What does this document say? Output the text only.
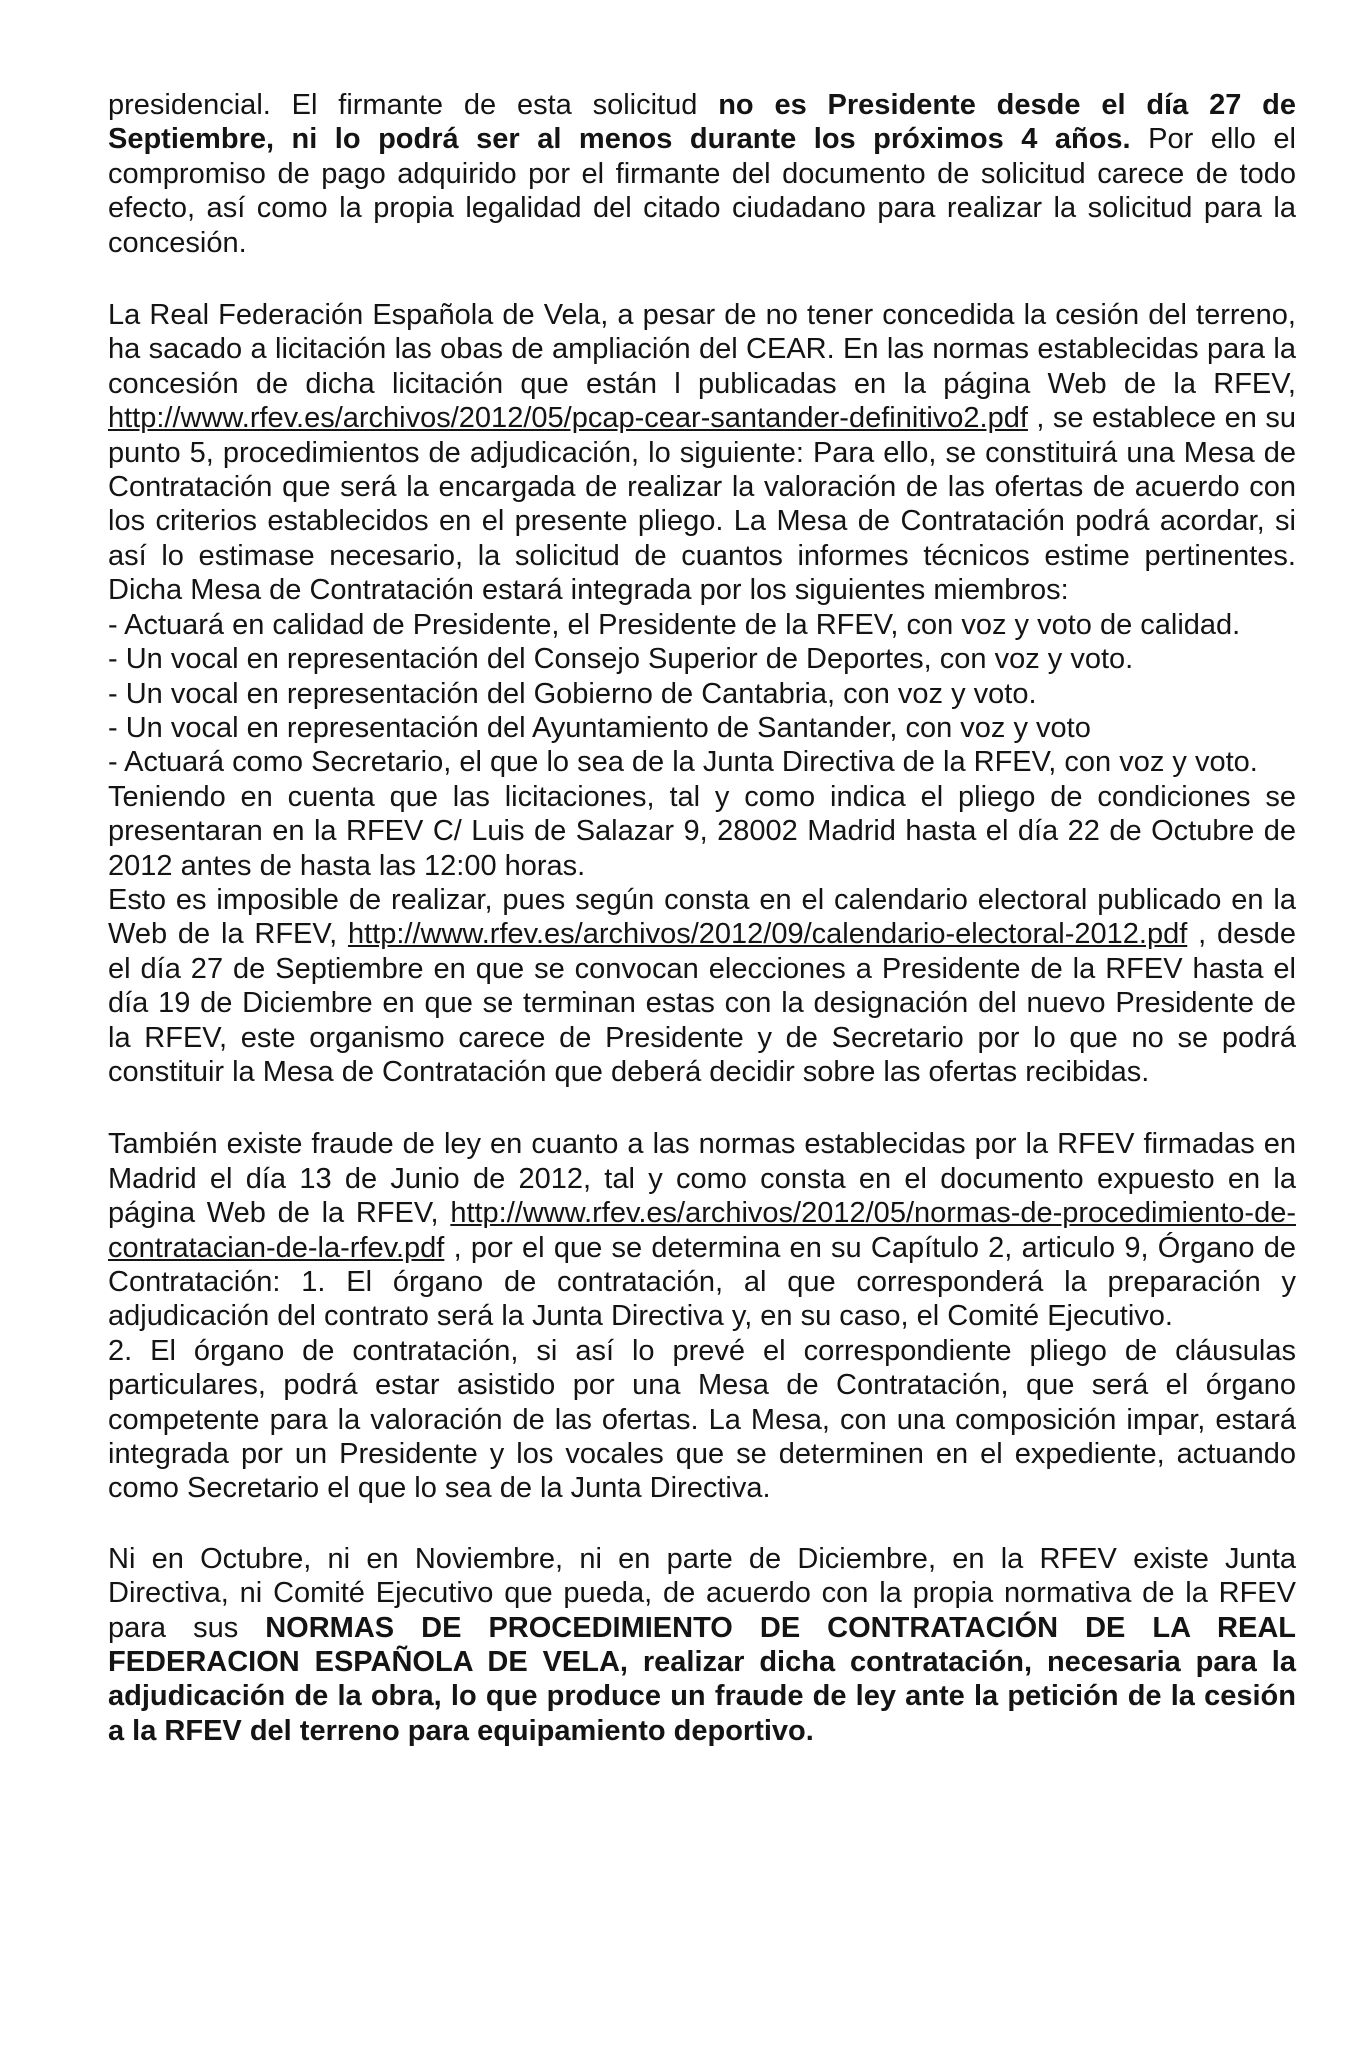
presidencial. El firmante de esta solicitud no es Presidente desde el día 27 de Septiembre, ni lo podrá ser al menos durante los próximos 4 años. Por ello el compromiso de pago adquirido por el firmante del documento de solicitud carece de todo efecto, así como la propia legalidad del citado ciudadano para realizar la solicitud para la concesión.

La Real Federación Española de Vela, a pesar de no tener concedida la cesión del terreno, ha sacado a licitación las obas de ampliación del CEAR. En las normas establecidas para la concesión de dicha licitación que están l publicadas en la página Web de la RFEV, http://www.rfev.es/archivos/2012/05/pcap-cear-santander-definitivo2.pdf , se establece en su punto 5, procedimientos de adjudicación, lo siguiente: Para ello, se constituirá una Mesa de Contratación que será la encargada de realizar la valoración de las ofertas de acuerdo con los criterios establecidos en el presente pliego. La Mesa de Contratación podrá acordar, si así lo estimase necesario, la solicitud de cuantos informes técnicos estime pertinentes. Dicha Mesa de Contratación estará integrada por los siguientes miembros:
- Actuará en calidad de Presidente, el Presidente de la RFEV, con voz y voto de calidad.
- Un vocal en representación del Consejo Superior de Deportes, con voz y voto.
- Un vocal en representación del Gobierno de Cantabria, con voz y voto.
- Un vocal en representación del Ayuntamiento de Santander, con voz y voto
- Actuará como Secretario, el que lo sea de la Junta Directiva de la RFEV, con voz y voto.
Teniendo en cuenta que las licitaciones, tal y como indica el pliego de condiciones se presentaran en la RFEV C/ Luis de Salazar 9, 28002 Madrid hasta el día 22 de Octubre de 2012 antes de hasta las 12:00 horas.
Esto es imposible de realizar, pues según consta en el calendario electoral publicado en la Web de la RFEV, http://www.rfev.es/archivos/2012/09/calendario-electoral-2012.pdf , desde el día 27 de Septiembre en que se convocan elecciones a Presidente de la RFEV hasta el día 19 de Diciembre en que se terminan estas con la designación del nuevo Presidente de la RFEV, este organismo carece de Presidente y de Secretario por lo que no se podrá constituir la Mesa de Contratación que deberá decidir sobre las ofertas recibidas.

También existe fraude de ley en cuanto a las normas establecidas por la RFEV firmadas en Madrid el día 13 de Junio de 2012, tal y como consta en el documento expuesto en la página Web de la RFEV, http://www.rfev.es/archivos/2012/05/normas-de-procedimiento-de-contratacian-de-la-rfev.pdf , por el que se determina en su Capítulo 2, articulo 9, Órgano de Contratación: 1. El órgano de contratación, al que corresponderá la preparación y adjudicación del contrato será la Junta Directiva y, en su caso, el Comité Ejecutivo.
2. El órgano de contratación, si así lo prevé el correspondiente pliego de cláusulas particulares, podrá estar asistido por una Mesa de Contratación, que será el órgano competente para la valoración de las ofertas. La Mesa, con una composición impar, estará integrada por un Presidente y los vocales que se determinen en el expediente, actuando como Secretario el que lo sea de la Junta Directiva.

Ni en Octubre, ni en Noviembre, ni en parte de Diciembre, en la RFEV existe Junta Directiva, ni Comité Ejecutivo que pueda, de acuerdo con la propia normativa de la RFEV para sus NORMAS DE PROCEDIMIENTO DE CONTRATACIÓN DE LA REAL FEDERACION ESPAÑOLA DE VELA, realizar dicha contratación, necesaria para la adjudicación de la obra, lo que produce un fraude de ley ante la petición de la cesión a la RFEV del terreno para equipamiento deportivo.
